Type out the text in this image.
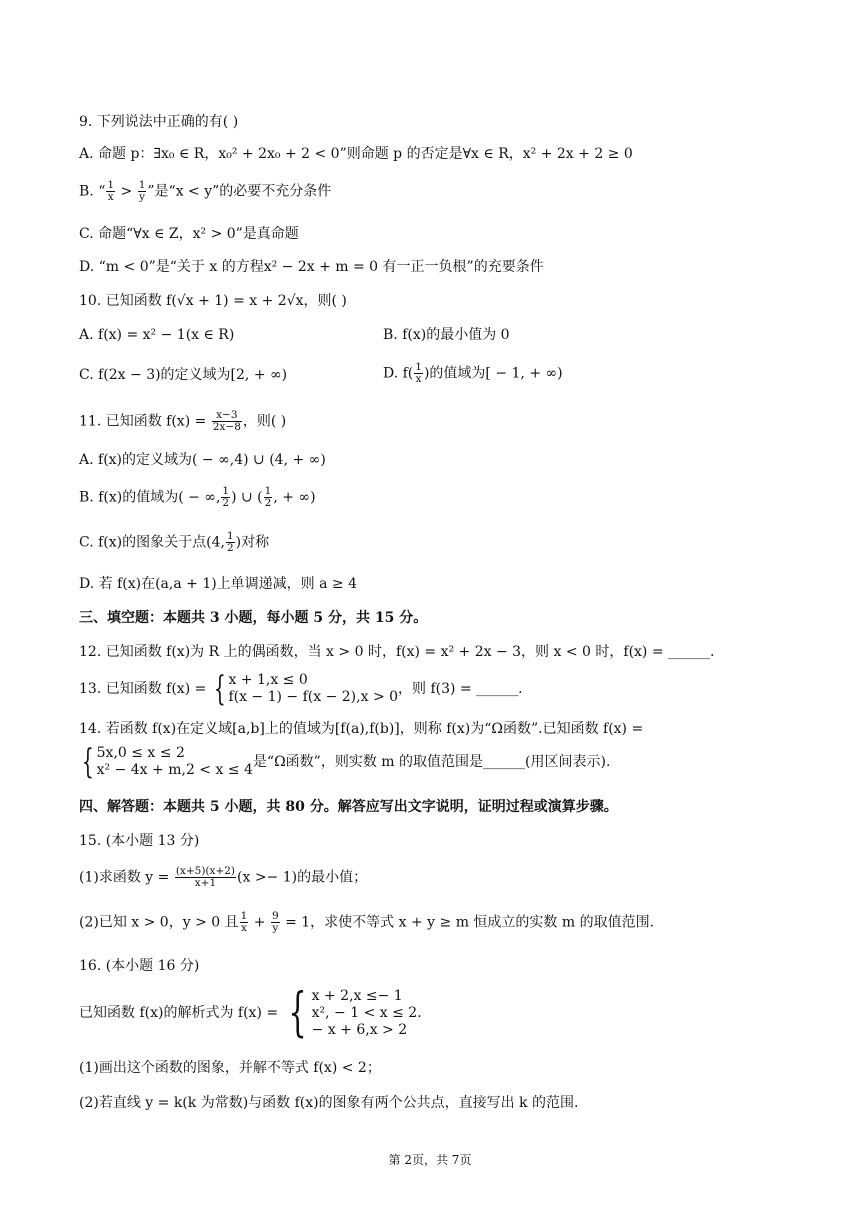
9. 下列说法中正确的有( )
A. 命题 p：∃x₀ ∈ R，x₀² + 2x₀ + 2 < 0”则命题 p 的否定是∀x ∈ R，x² + 2x + 2 ≥ 0
B. “ $\frac{1}{x} > \frac{1}{y}$ ”是“x < y”的必要不充分条件
C. 命题“∀x ∈ Z，x² > 0”是真命题
D. “m < 0”是“关于 x 的方程x² − 2x + m = 0 有一正一负根”的充要条件
10. 已知函数 f(√x + 1) = x + 2√x，则( )
A. f(x) = x² − 1(x ∈ R)	B. f(x)的最小值为 0
C. f(2x − 3)的定义域为[2, + ∞)	D. $f( \frac{1}{x}$ )的值域为[ − 1, + ∞)
11. 已知函数 $f(x) = \frac{x-3}{2x-8}$ ，则( )
A. f(x)的定义域为( − ∞,4) ∪ (4, + ∞)
B. f(x)的值域为( − ∞, $\frac{1}{2}$ ) ∪ ( $\frac{1}{2}$ , + ∞)
C. f(x)的图象关于点(4, $\frac{1}{2}$ )对称
D. 若 f(x)在(a,a + 1)上单调递减，则 a ≥ 4
三、填空题：本题共 3 小题，每小题 5 分，共 15 分。
12. 已知函数 f(x)为 R 上的偶函数，当 x > 0 时，f(x) = x² + 2x − 3，则 x < 0 时，f(x) = ______.
13. 已知函数 f(x) = { x + 1,x ≤ 0
f(x − 1) − f(x − 2),x > 0 ，则 f(3) = ______.
14. 若函数 f(x)在定义域[a,b]上的值域为[f(a),f(b)]，则称 f(x)为“Ω函数”.已知函数 f(x) =
{ 5x,0 ≤ x ≤ 2
x² − 4x + m,2 < x ≤ 4 是“Ω函数”，则实数 m 的取值范围是______(用区间表示).
四、解答题：本题共 5 小题，共 80 分。解答应写出文字说明，证明过程或演算步骤。
15. (本小题 13 分)
(1)求函数 $y = \frac{(x+5)(x+2)}{x+1} (x >- 1)$的最小值；
(2)已知 x > 0，y > 0 且 $\frac{1}{x} + \frac{9}{y} = 1$，求使不等式 x + y ≥ m 恒成立的实数 m 的取值范围.
16. (本小题 16 分)
已知函数 f(x)的解析式为 f(x) = { x + 2,x ≤− 1
x², − 1 < x ≤ 2.
− x + 6,x > 2
(1)画出这个函数的图象，并解不等式 f(x) < 2；
(2)若直线 y = k(k 为常数)与函数 f(x)的图象有两个公共点，直接写出 k 的范围.
第 2页，共 7页
